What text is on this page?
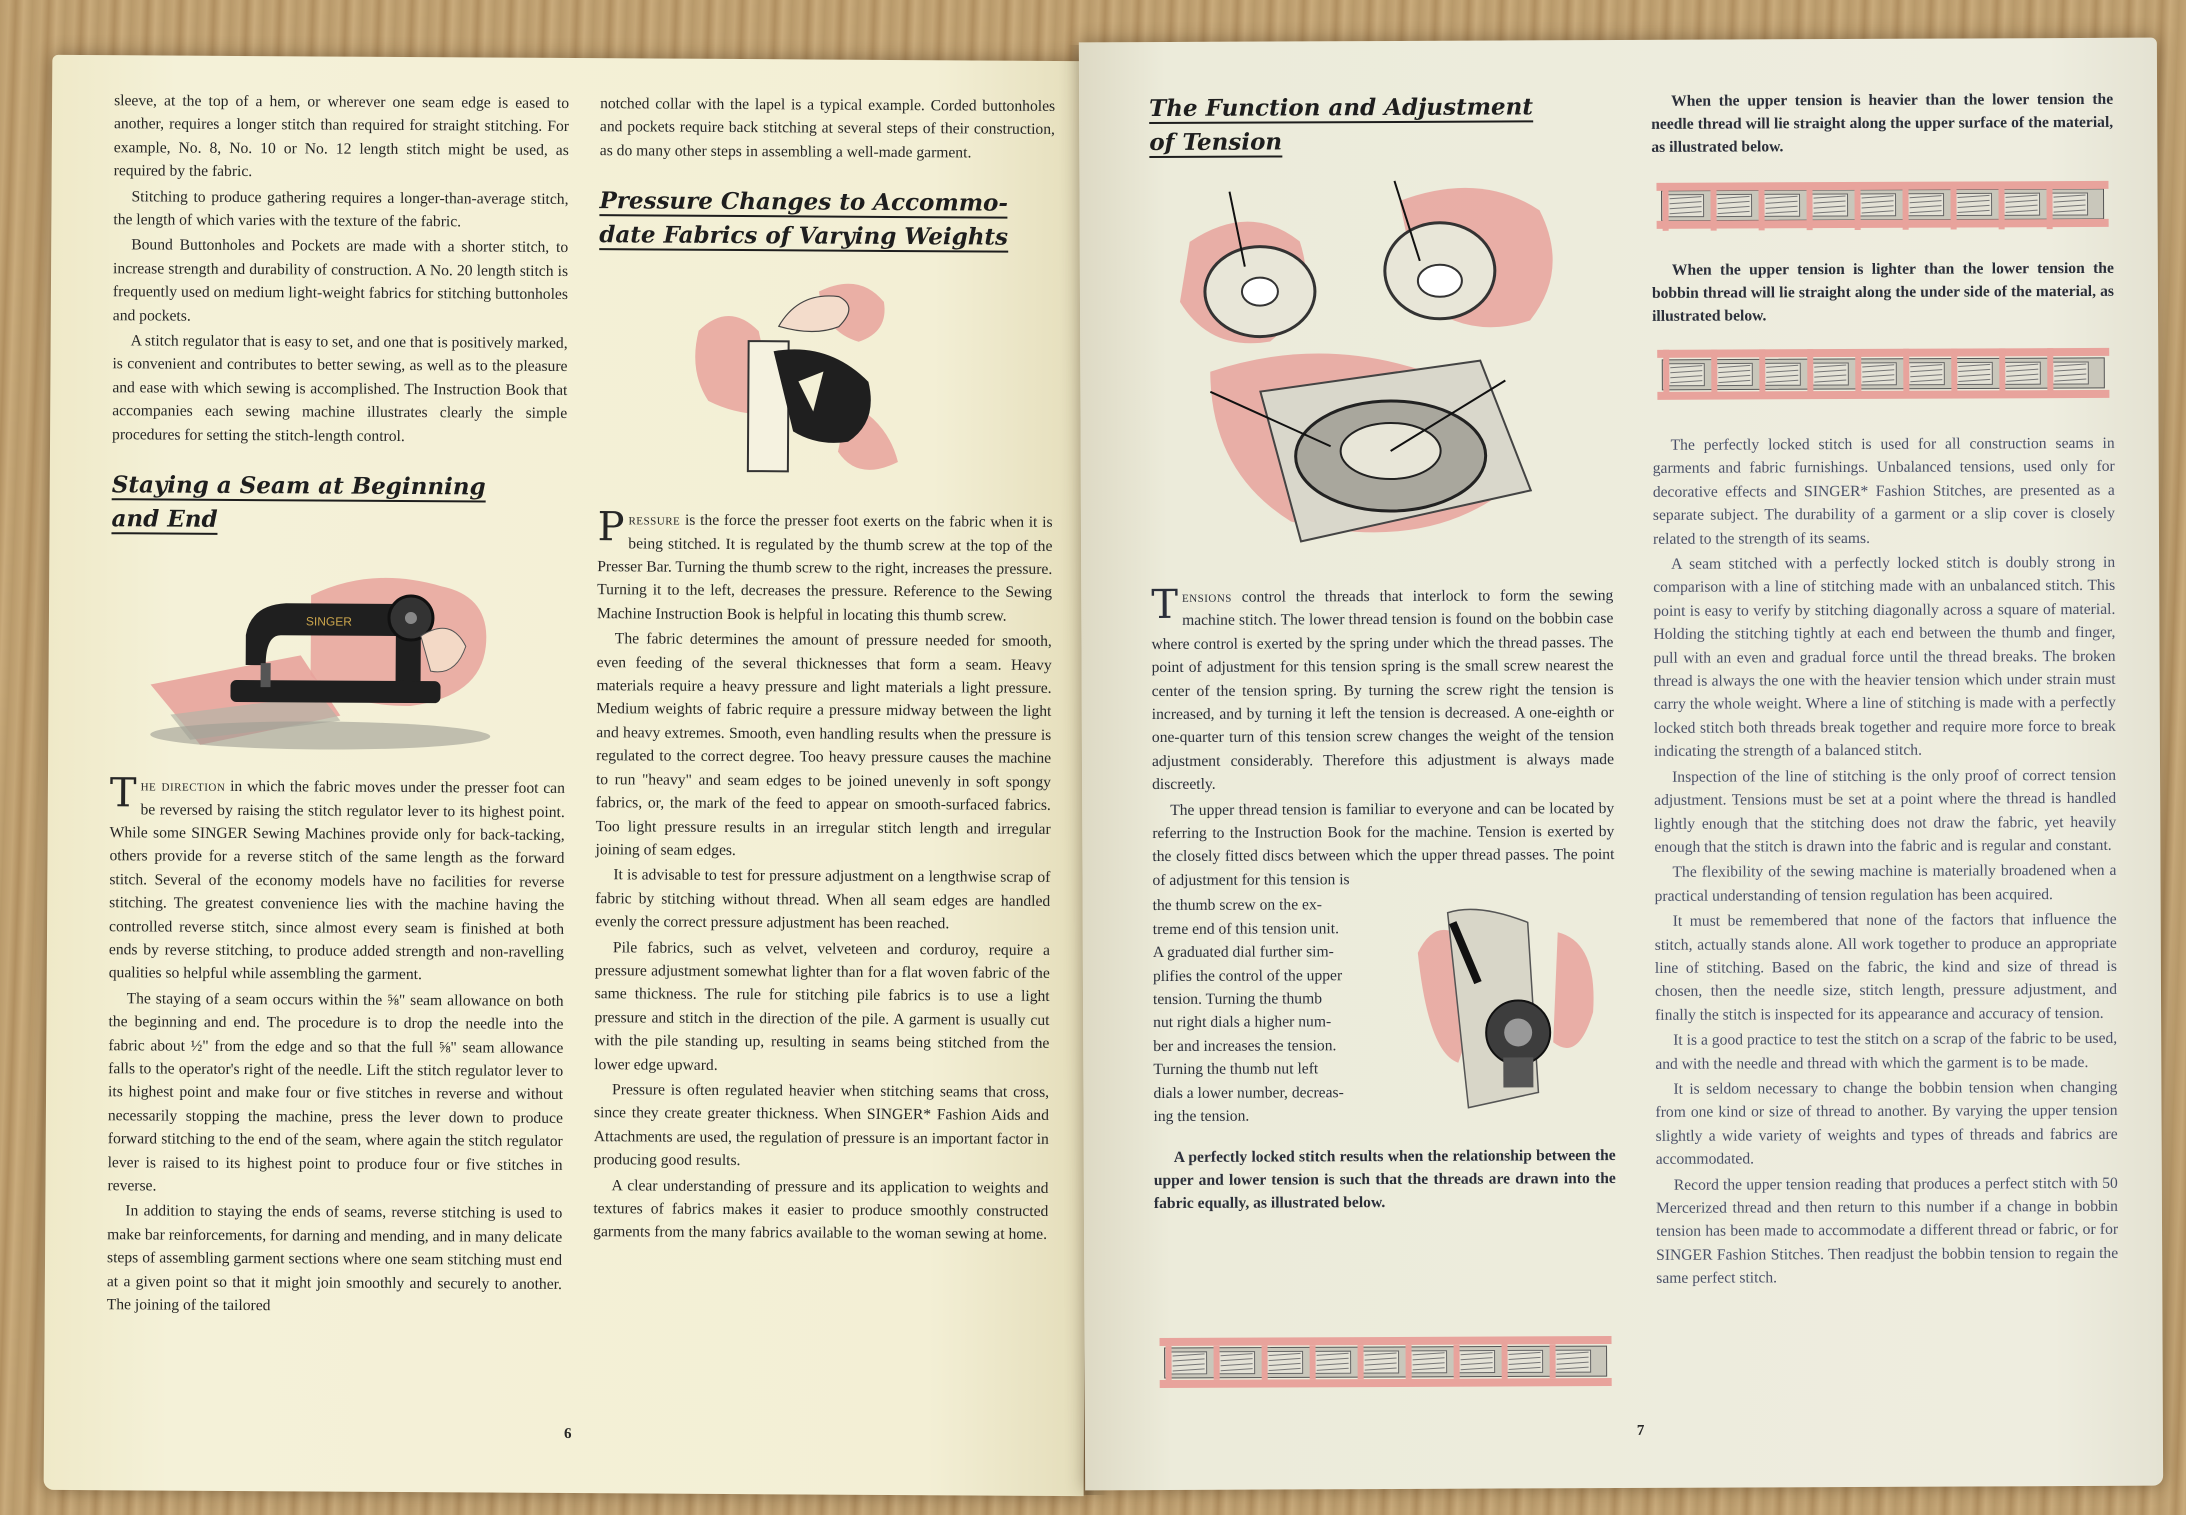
sleeve, at the top of a hem, or wherever one seam edge is eased to another, requires a longer stitch than required for straight stitching. For example, No. 8, No. 10 or No. 12 length stitch might be used, as required by the fabric.

Stitching to produce gathering requires a longer-than-average stitch, the length of which varies with the texture of the fabric.

Bound Buttonholes and Pockets are made with a shorter stitch, to increase strength and durability of construction. A No. 20 length stitch is frequently used on medium light-weight fabrics for stitching buttonholes and pockets.

A stitch regulator that is easy to set, and one that is positively marked, is convenient and contributes to better sewing, as well as to the pleasure and ease with which sewing is accomplished. The Instruction Book that accompanies each sewing machine illustrates clearly the simple procedures for setting the stitch-length control.

Staying a Seam at Beginning
and End
SINGER

The direction in which the fabric moves under the presser foot can be reversed by raising the stitch regulator lever to its highest point. While some SINGER Sewing Machines provide only for back-tacking, others provide for a reverse stitch of the same length as the forward stitch. Several of the economy models have no facilities for reverse stitching. The greatest convenience lies with the machine having the controlled reverse stitch, since almost every seam is finished at both ends by reverse stitching, to produce added strength and non-ravelling qualities so helpful while assembling the garment.

The staying of a seam occurs within the ⅝" seam allowance on both the beginning and end. The procedure is to drop the needle into the fabric about ½" from the edge and so that the full ⅝" seam allowance falls to the operator's right of the needle. Lift the stitch regulator lever to its highest point and make four or five stitches in reverse and without necessarily stopping the machine, press the lever down to produce forward stitching to the end of the seam, where again the stitch regulator lever is raised to its highest point to produce four or five stitches in reverse.

In addition to staying the ends of seams, reverse stitching is used to make bar reinforcements, for darning and mending, and in many delicate steps of assembling garment sections where one seam stitching must end at a given point so that it might join smoothly and securely to another. The joining of the tailored

notched collar with the lapel is a typical example. Corded buttonholes and pockets require back stitching at several steps of their construction, as do many other steps in assembling a well-made garment.

Pressure Changes to Accommo-
date Fabrics of Varying Weights

Pressure is the force the presser foot exerts on the fabric when it is being stitched. It is regulated by the thumb screw at the top of the Presser Bar. Turning the thumb screw to the right, increases the pressure. Turning it to the left, decreases the pressure. Reference to the Sewing Machine Instruction Book is helpful in locating this thumb screw.

The fabric determines the amount of pressure needed for smooth, even feeding of the several thicknesses that form a seam. Heavy materials require a heavy pressure and light materials a light pressure. Medium weights of fabric require a pressure midway between the light and heavy extremes. Smooth, even handling results when the pressure is regulated to the correct degree. Too heavy pressure causes the machine to run "heavy" and seam edges to be joined unevenly in soft spongy fabrics, or, the mark of the feed to appear on smooth-surfaced fabrics. Too light pressure results in an irregular stitch length and irregular joining of seam edges.

It is advisable to test for pressure adjustment on a lengthwise scrap of fabric by stitching without thread. When all seam edges are handled evenly the correct pressure adjustment has been reached.

Pile fabrics, such as velvet, velveteen and corduroy, require a pressure adjustment somewhat lighter than for a flat woven fabric of the same thickness. The rule for stitching pile fabrics is to use a light pressure and stitch in the direction of the pile. A garment is usually cut with the pile standing up, resulting in seams being stitched from the lower edge upward.

Pressure is often regulated heavier when stitching seams that cross, since they create greater thickness. When SINGER* Fashion Aids and Attachments are used, the regulation of pressure is an important factor in producing good results.

A clear understanding of pressure and its application to weights and textures of fabrics makes it easier to produce smoothly constructed garments from the many fabrics available to the woman sewing at home.

6
The Function and Adjustment
of Tension

Tensions control the threads that interlock to form the sewing machine stitch. The lower thread tension is found on the bobbin case where control is exerted by the spring under which the thread passes. The point of adjustment for this tension spring is the small screw nearest the center of the tension spring. By turning the screw right the tension is increased, and by turning it left the tension is decreased. A one-eighth or one-quarter turn of this tension screw changes the weight of the tension adjustment considerably. Therefore this adjustment is always made discreetly.

The upper thread tension is familiar to everyone and can be located by referring to the Instruction Book for the machine. Tension is exerted by the closely fitted discs between which the upper thread passes. The point of adjustment for this tension is

the thumb screw on the ex-
treme end of this tension unit.
A graduated dial further sim-
plifies the control of the upper
tension. Turning the thumb
nut right dials a higher num-
ber and increases the tension.
Turning the thumb nut left
dials a lower number, decreas-
ing the tension.

A perfectly locked stitch results when the relationship between the upper and lower tension is such that the threads are drawn into the fabric equally, as illustrated below.

When the upper tension is heavier than the lower tension the needle thread will lie straight along the upper surface of the material, as illustrated below.

When the upper tension is lighter than the lower tension the bobbin thread will lie straight along the under side of the material, as illustrated below.

The perfectly locked stitch is used for all construction seams in garments and fabric furnishings. Unbalanced tensions, used only for decorative effects and SINGER* Fashion Stitches, are presented as a separate subject. The durability of a garment or a slip cover is closely related to the strength of its seams.

A seam stitched with a perfectly locked stitch is doubly strong in comparison with a line of stitching made with an unbalanced stitch. This point is easy to verify by stitching diagonally across a square of material. Holding the stitching tightly at each end between the thumb and finger, pull with an even and gradual force until the thread breaks. The broken thread is always the one with the heavier tension which under strain must carry the whole weight. Where a line of stitching is made with a perfectly locked stitch both threads break together and require more force to break indicating the strength of a balanced stitch.

Inspection of the line of stitching is the only proof of correct tension adjustment. Tensions must be set at a point where the thread is handled lightly enough that the stitching does not draw the fabric, yet heavily enough that the stitch is drawn into the fabric and is regular and constant.

The flexibility of the sewing machine is materially broadened when a practical understanding of tension regulation has been acquired.

It must be remembered that none of the factors that influence the stitch, actually stands alone. All work together to produce an appropriate line of stitching. Based on the fabric, the kind and size of thread is chosen, then the needle size, stitch length, pressure adjustment, and finally the stitch is inspected for its appearance and accuracy of tension.

It is a good practice to test the stitch on a scrap of the fabric to be used, and with the needle and thread with which the garment is to be made.

It is seldom necessary to change the bobbin tension when changing from one kind or size of thread to another. By varying the upper tension slightly a wide variety of weights and types of threads and fabrics are accommodated.

Record the upper tension reading that produces a perfect stitch with 50 Mercerized thread and then return to this number if a change in bobbin tension has been made to accommodate a different thread or fabric, or for SINGER Fashion Stitches. Then readjust the bobbin tension to regain the same perfect stitch.

7
